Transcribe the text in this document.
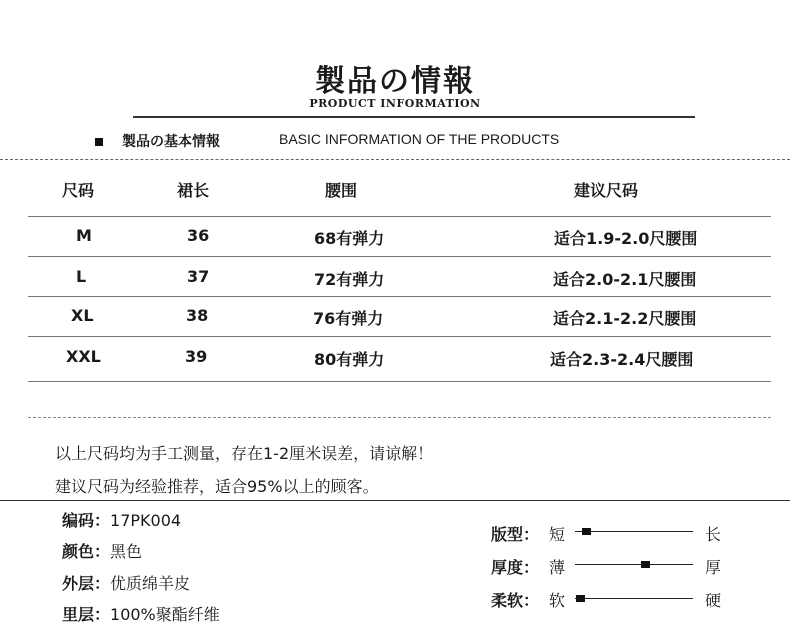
製品の情報
PRODUCT INFORMATION
製品の基本情報	BASIC INFORMATION OF THE PRODUCTS
尺码	裙长	腰围	建议尺码
M	36	68有弹力	适合1.9-2.0尺腰围
L	37	72有弹力	适合2.0-2.1尺腰围
XL	38	76有弹力	适合2.1-2.2尺腰围
XXL	39	80有弹力	适合2.3-2.4尺腰围
以上尺码均为手工测量，存在1-2厘米误差，请谅解！
建议尺码为经验推荐，适合95%以上的顾客。
编码：17PK004
颜色：黑色
外层：优质绵羊皮
里层：100%聚酯纤维
版型： 短	长
厚度： 薄	厚
柔软： 软	硬
